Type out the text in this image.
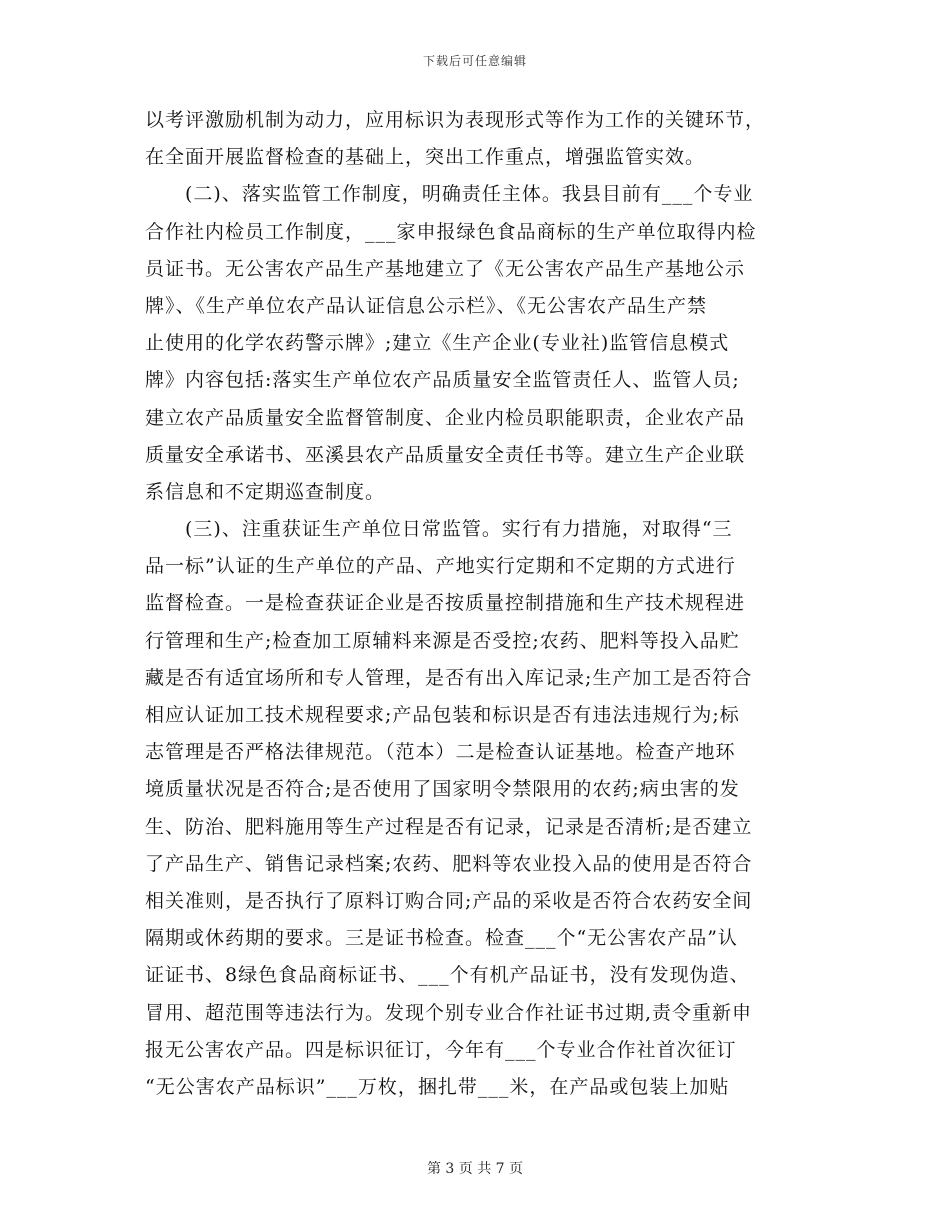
下载后可任意编辑
以考评激励机制为动力，应用标识为表现形式等作为工作的关键环节，
在全面开展监督检查的基础上，突出工作重点，增强监管实效。
　　(二)、落实监管工作制度，明确责任主体。我县目前有___个专业
合作社内检员工作制度，___家申报绿色食品商标的生产单位取得内检
员证书。无公害农产品生产基地建立了《无公害农产品生产基地公示
牌》、《生产单位农产品认证信息公示栏》、《无公害农产品生产禁
止使用的化学农药警示牌》;建立《生产企业(专业社)监管信息模式
牌》内容包括:落实生产单位农产品质量安全监管责任人、监管人员;
建立农产品质量安全监督管制度、企业内检员职能职责，企业农产品
质量安全承诺书、巫溪县农产品质量安全责任书等。建立生产企业联
系信息和不定期巡查制度。
　　(三)、注重获证生产单位日常监管。实行有力措施，对取得“三
品一标”认证的生产单位的产品、产地实行定期和不定期的方式进行
监督检查。一是检查获证企业是否按质量控制措施和生产技术规程进
行管理和生产;检查加工原辅料来源是否受控;农药、肥料等投入品贮
藏是否有适宜场所和专人管理，是否有出入库记录;生产加工是否符合
相应认证加工技术规程要求;产品包装和标识是否有违法违规行为;标
志管理是否严格法律规范。（范本）二是检查认证基地。检查产地环
境质量状况是否符合;是否使用了国家明令禁限用的农药;病虫害的发
生、防治、肥料施用等生产过程是否有记录，记录是否清析;是否建立
了产品生产、销售记录档案;农药、肥料等农业投入品的使用是否符合
相关准则，是否执行了原料订购合同;产品的采收是否符合农药安全间
隔期或休药期的要求。三是证书检查。检查___个“无公害农产品”认
证证书、8绿色食品商标证书、___个有机产品证书，没有发现伪造、
冒用、超范围等违法行为。发现个别专业合作社证书过期,责令重新申
报无公害农产品。四是标识征订，今年有___个专业合作社首次征订
“无公害农产品标识”___万枚，捆扎带___米，在产品或包装上加贴
第 3 页 共 7 页
